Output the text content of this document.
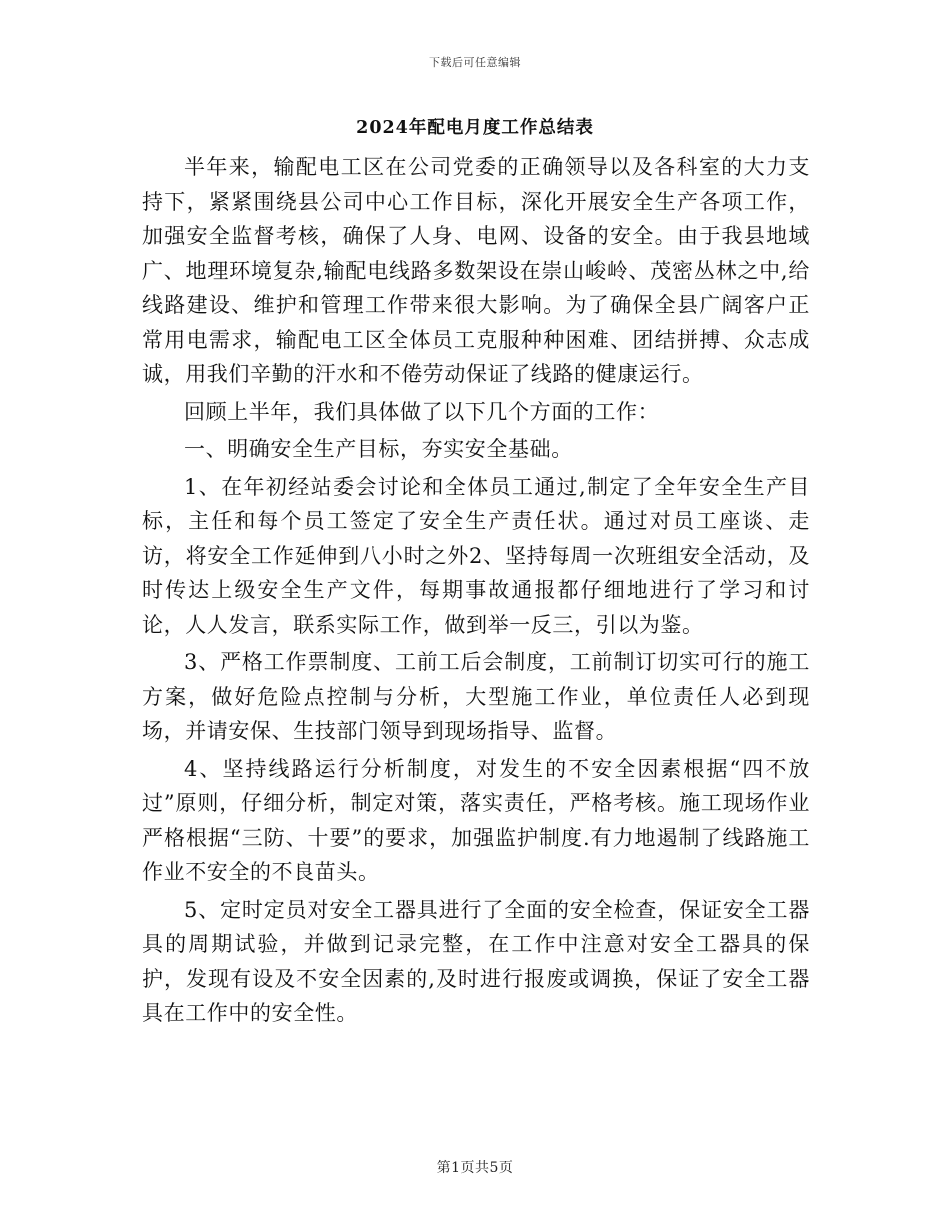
下载后可任意编辑
2024年配电月度工作总结表

半年来，输配电工区在公司党委的正确领导以及各科室的大力支持下，紧紧围绕县公司中心工作目标，深化开展安全生产各项工作，加强安全监督考核，确保了人身、电网、设备的安全。由于我县地域广、地理环境复杂,输配电线路多数架设在崇山峻岭、茂密丛林之中,给线路建设、维护和管理工作带来很大影响。为了确保全县广阔客户正常用电需求，输配电工区全体员工克服种种困难、团结拼搏、众志成诚，用我们辛勤的汗水和不倦劳动保证了线路的健康运行。

回顾上半年，我们具体做了以下几个方面的工作：

一、明确安全生产目标，夯实安全基础。

1、在年初经站委会讨论和全体员工通过,制定了全年安全生产目标，主任和每个员工签定了安全生产责任状。通过对员工座谈、走访，将安全工作延伸到八小时之外2、坚持每周一次班组安全活动，及时传达上级安全生产文件，每期事故通报都仔细地进行了学习和讨论，人人发言，联系实际工作，做到举一反三，引以为鉴。

3、严格工作票制度、工前工后会制度，工前制订切实可行的施工方案，做好危险点控制与分析，大型施工作业，单位责任人必到现场，并请安保、生技部门领导到现场指导、监督。

4、坚持线路运行分析制度，对发生的不安全因素根据“四不放过”原则，仔细分析，制定对策，落实责任，严格考核。施工现场作业严格根据“三防、十要”的要求，加强监护制度.有力地遏制了线路施工作业不安全的不良苗头。

5、定时定员对安全工器具进行了全面的安全检查，保证安全工器具的周期试验，并做到记录完整，在工作中注意对安全工器具的保护，发现有设及不安全因素的,及时进行报废或调换，保证了安全工器具在工作中的安全性。

第1页共5页
